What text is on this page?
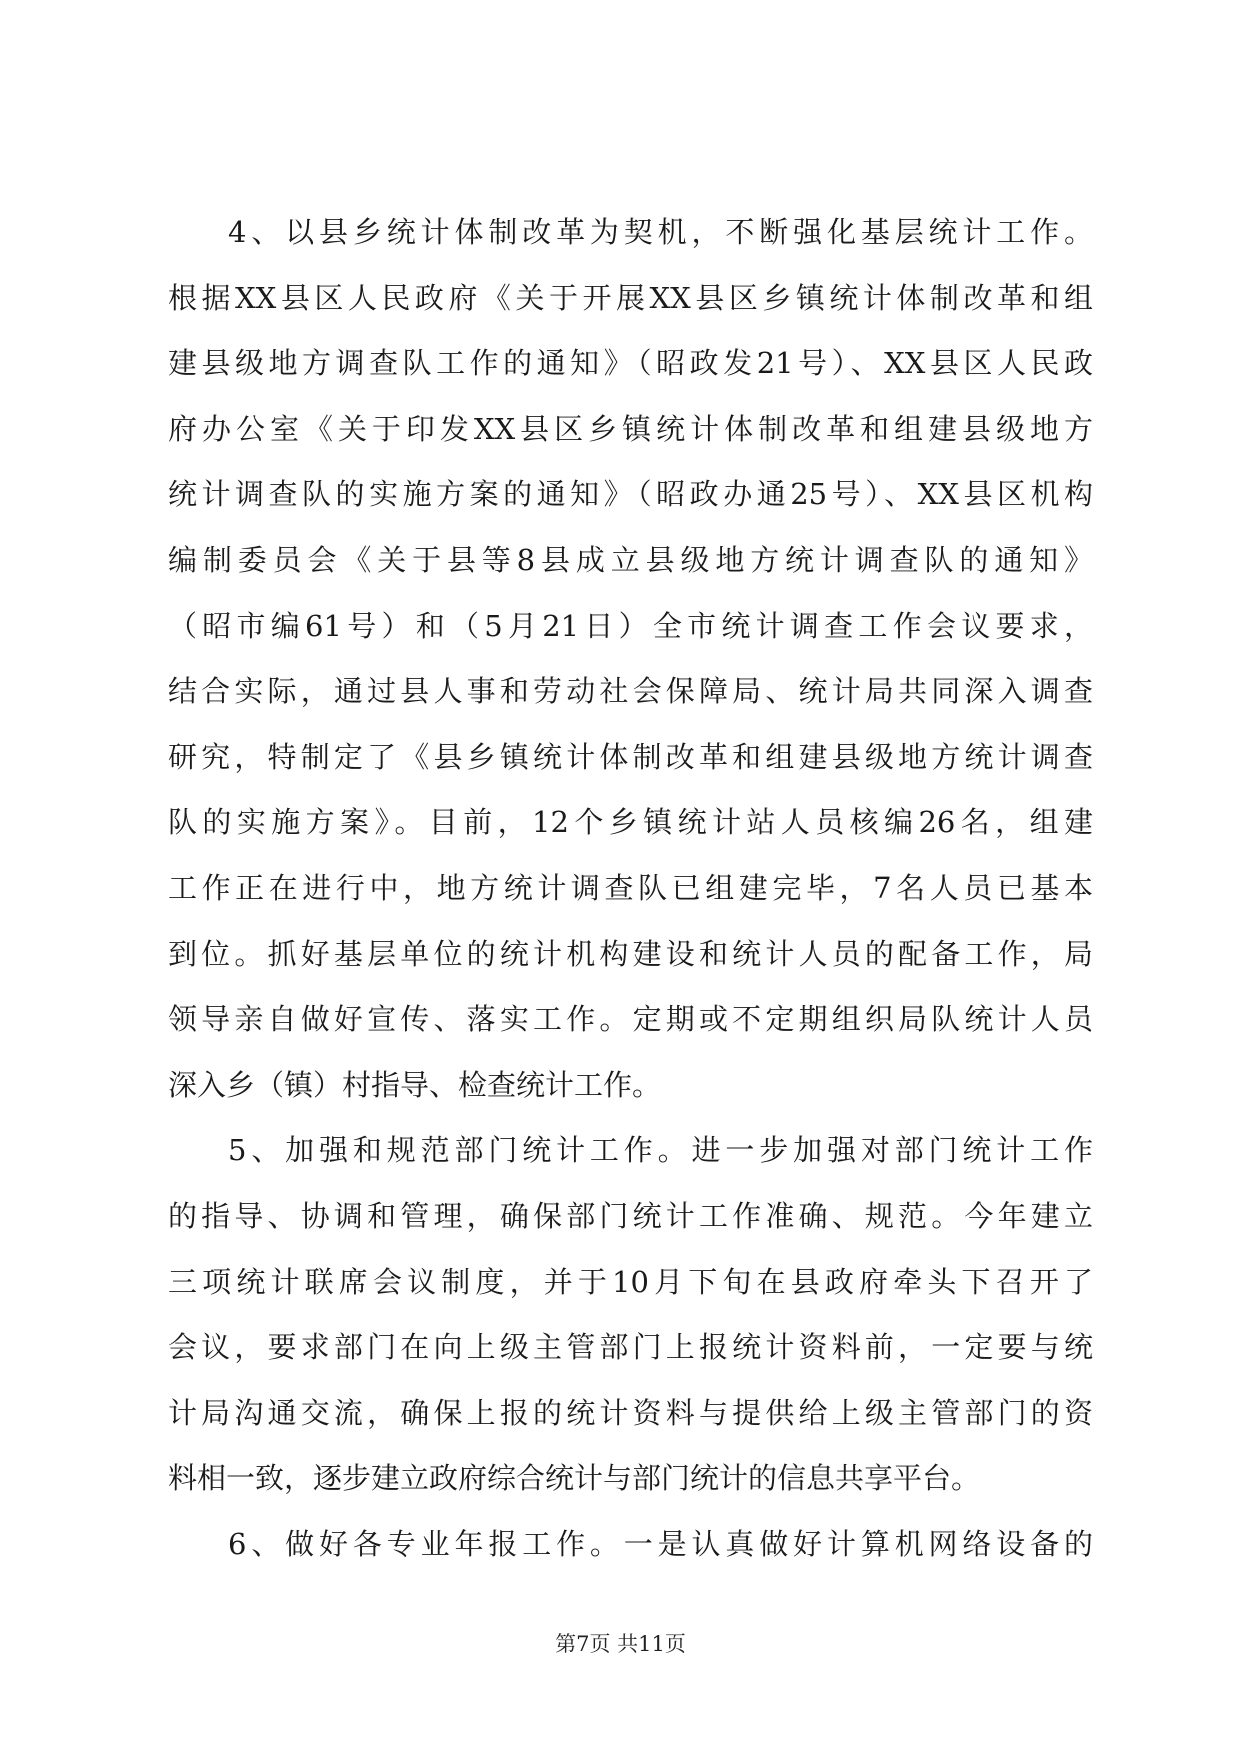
4、以县乡统计体制改革为契机，不断强化基层统计工作。
根据XX县区人民政府《关于开展XX县区乡镇统计体制改革和组
建县级地方调查队工作的通知》（昭政发21号）、XX县区人民政
府办公室《关于印发XX县区乡镇统计体制改革和组建县级地方
统计调查队的实施方案的通知》（昭政办通25号）、XX县区机构
编制委员会《关于县等8县成立县级地方统计调查队的通知》
（昭市编61号）和（5月21日）全市统计调查工作会议要求，
结合实际，通过县人事和劳动社会保障局、统计局共同深入调查
研究，特制定了《县乡镇统计体制改革和组建县级地方统计调查
队的实施方案》。目前，12个乡镇统计站人员核编26名，组建
工作正在进行中，地方统计调查队已组建完毕，7名人员已基本
到位。抓好基层单位的统计机构建设和统计人员的配备工作，局
领导亲自做好宣传、落实工作。定期或不定期组织局队统计人员
深入乡（镇）村指导、检查统计工作。
5、加强和规范部门统计工作。进一步加强对部门统计工作
的指导、协调和管理，确保部门统计工作准确、规范。今年建立
三项统计联席会议制度，并于10月下旬在县政府牵头下召开了
会议，要求部门在向上级主管部门上报统计资料前，一定要与统
计局沟通交流，确保上报的统计资料与提供给上级主管部门的资
料相一致，逐步建立政府综合统计与部门统计的信息共享平台。
6、做好各专业年报工作。一是认真做好计算机网络设备的
第7页 共11页
